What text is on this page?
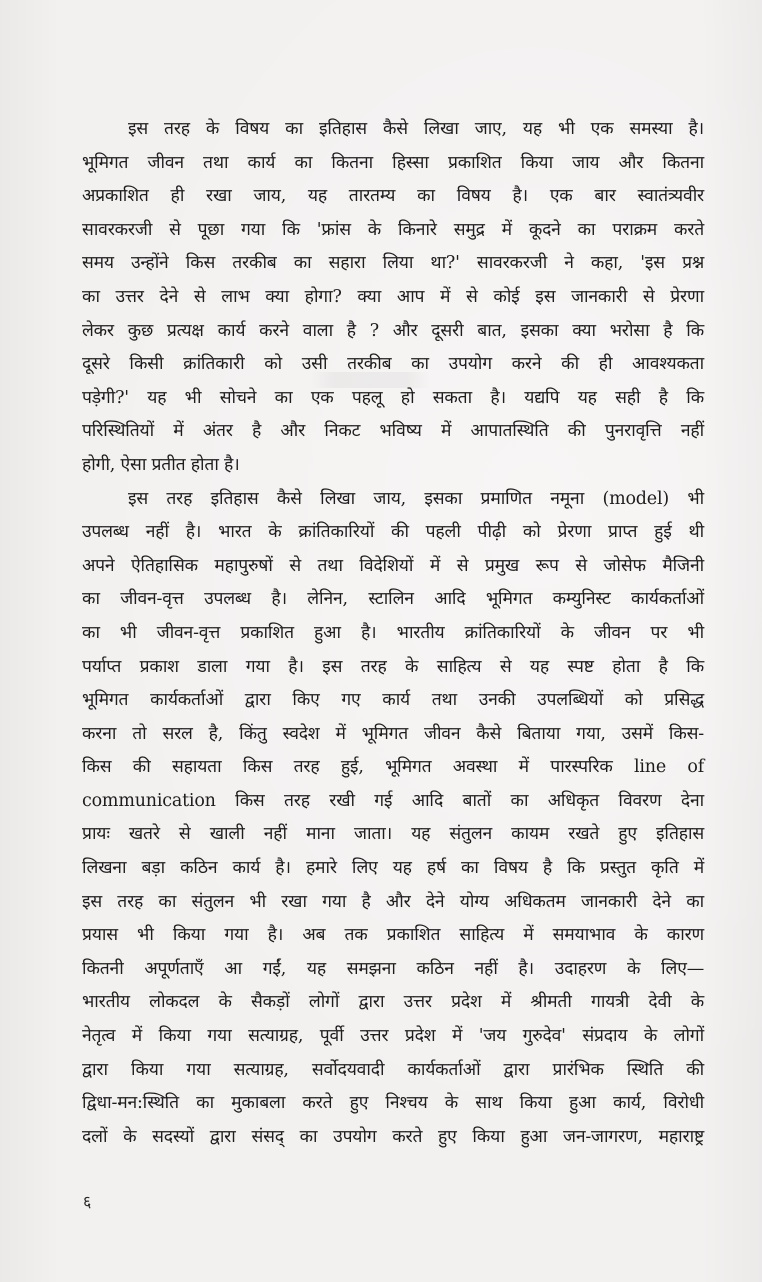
इस तरह के विषय का इतिहास कैसे लिखा जाए, यह भी एक समस्या है।
भूमिगत जीवन तथा कार्य का कितना हिस्सा प्रकाशित किया जाय और कितना
अप्रकाशित ही रखा जाय, यह तारतम्य का विषय है। एक बार स्वातंत्र्यवीर
सावरकरजी से पूछा गया कि 'फ्रांस के किनारे समुद्र में कूदने का पराक्रम करते
समय उन्होंने किस तरकीब का सहारा लिया था?' सावरकरजी ने कहा, 'इस प्रश्न
का उत्तर देने से लाभ क्या होगा? क्या आप में से कोई इस जानकारी से प्रेरणा
लेकर कुछ प्रत्यक्ष कार्य करने वाला है ? और दूसरी बात, इसका क्या भरोसा है कि
दूसरे किसी क्रांतिकारी को उसी तरकीब का उपयोग करने की ही आवश्यकता
पड़ेगी?' यह भी सोचने का एक पहलू हो सकता है। यद्यपि यह सही है कि
परिस्थितियों में अंतर है और निकट भविष्य में आपातस्थिति की पुनरावृत्ति नहीं
होगी, ऐसा प्रतीत होता है।
इस तरह इतिहास कैसे लिखा जाय, इसका प्रमाणित नमूना (model) भी
उपलब्ध नहीं है। भारत के क्रांतिकारियों की पहली पीढ़ी को प्रेरणा प्राप्त हुई थी
अपने ऐतिहासिक महापुरुषों से तथा विदेशियों में से प्रमुख रूप से जोसेफ मैजिनी
का जीवन-वृत्त उपलब्ध है। लेनिन, स्टालिन आदि भूमिगत कम्युनिस्ट कार्यकर्ताओं
का भी जीवन-वृत्त प्रकाशित हुआ है। भारतीय क्रांतिकारियों के जीवन पर भी
पर्याप्त प्रकाश डाला गया है। इस तरह के साहित्य से यह स्पष्ट होता है कि
भूमिगत कार्यकर्ताओं द्वारा किए गए कार्य तथा उनकी उपलब्धियों को प्रसिद्ध
करना तो सरल है, किंतु स्वदेश में भूमिगत जीवन कैसे बिताया गया, उसमें किस-
किस की सहायता किस तरह हुई, भूमिगत अवस्था में पारस्परिक line of
communication किस तरह रखी गई आदि बातों का अधिकृत विवरण देना
प्रायः खतरे से खाली नहीं माना जाता। यह संतुलन कायम रखते हुए इतिहास
लिखना बड़ा कठिन कार्य है। हमारे लिए यह हर्ष का विषय है कि प्रस्तुत कृति में
इस तरह का संतुलन भी रखा गया है और देने योग्य अधिकतम जानकारी देने का
प्रयास भी किया गया है। अब तक प्रकाशित साहित्य में समयाभाव के कारण
कितनी अपूर्णताएँ आ गईं, यह समझना कठिन नहीं है। उदाहरण के लिए—
भारतीय लोकदल के सैकड़ों लोगों द्वारा उत्तर प्रदेश में श्रीमती गायत्री देवी के
नेतृत्व में किया गया सत्याग्रह, पूर्वी उत्तर प्रदेश में 'जय गुरुदेव' संप्रदाय के लोगों
द्वारा किया गया सत्याग्रह, सर्वोदयवादी कार्यकर्ताओं द्वारा प्रारंभिक स्थिति की
द्विधा-मन:स्थिति का मुकाबला करते हुए निश्चय के साथ किया हुआ कार्य, विरोधी
दलों के सदस्यों द्वारा संसद् का उपयोग करते हुए किया हुआ जन-जागरण, महाराष्ट्र
६
